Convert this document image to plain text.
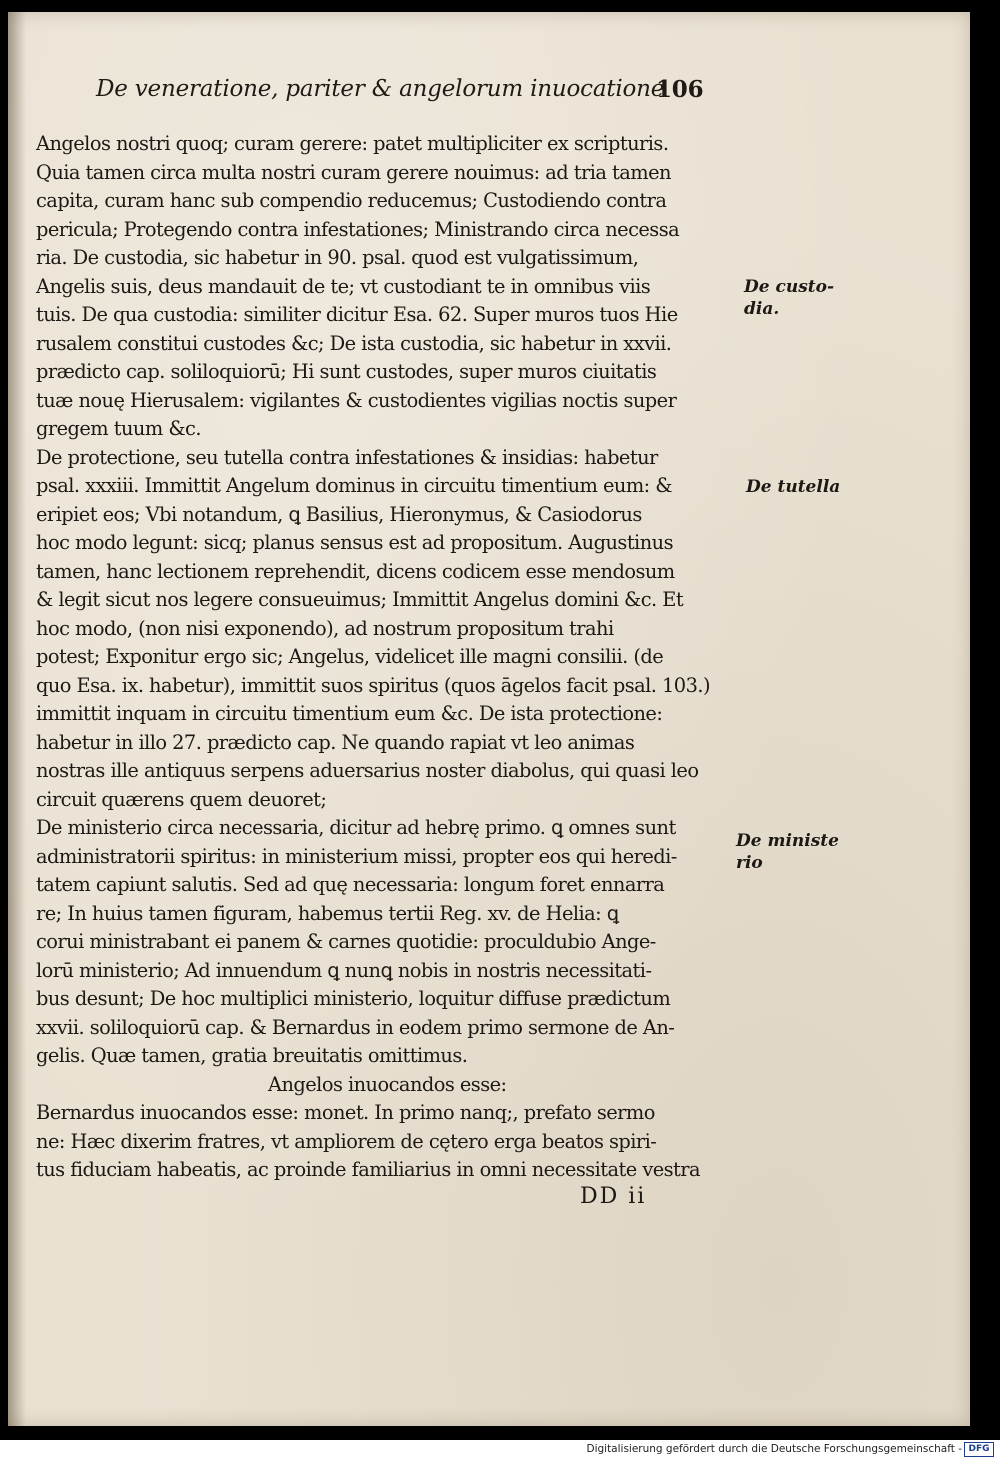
De veneratione, pariter & angelorum inuocatione
106
Angelos nostri quoq; curam gerere: patet multipliciter ex scripturis.
Quia tamen circa multa nostri curam gerere nouimus: ad tria tamen
capita, curam hanc sub compendio reducemus; Custodiendo contra
pericula; Protegendo contra infestationes; Ministrando circa necessa
ria. De custodia, sic habetur in 90. psal. quod est vulgatissimum,
Angelis suis, deus mandauit de te; vt custodiant te in omnibus viis
tuis. De qua custodia: similiter dicitur Esa. 62. Super muros tuos Hie
rusalem constitui custodes &c; De ista custodia, sic habetur in xxvii.
prædicto cap. soliloquiorū; Hi sunt custodes, super muros ciuitatis
tuæ nouę Hierusalem: vigilantes & custodientes vigilias noctis super
gregem tuum &c.
De protectione, seu tutella contra infestationes & insidias: habetur
psal. xxxiii. Immittit Angelum dominus in circuitu timentium eum: &
eripiet eos; Vbi notandum, ꝗ Basilius, Hieronymus, & Casiodorus
hoc modo legunt: sicq; planus sensus est ad propositum. Augustinus
tamen, hanc lectionem reprehendit, dicens codicem esse mendosum
& legit sicut nos legere consueuimus; Immittit Angelus domini &c. Et
hoc modo, (non nisi exponendo), ad nostrum propositum trahi
potest; Exponitur ergo sic; Angelus, videlicet ille magni consilii. (de
quo Esa. ix. habetur), immittit suos spiritus (quos āgelos facit psal. 103.)
immittit inquam in circuitu timentium eum &c. De ista protectione:
habetur in illo 27. prædicto cap. Ne quando rapiat vt leo animas
nostras ille antiquus serpens aduersarius noster diabolus, qui quasi leo
circuit quærens quem deuoret;
De ministerio circa necessaria, dicitur ad hebrę primo. ꝗ omnes sunt
administratorii spiritus: in ministerium missi, propter eos qui heredi-
tatem capiunt salutis. Sed ad quę necessaria: longum foret ennarra
re; In huius tamen figuram, habemus tertii Reg. xv. de Helia: ꝗ
corui ministrabant ei panem & carnes quotidie: proculdubio Ange-
lorū ministerio; Ad innuendum ꝗ nunꝗ nobis in nostris necessitati-
bus desunt; De hoc multiplici ministerio, loquitur diffuse prædictum
xxvii. soliloquiorū cap. & Bernardus in eodem primo sermone de An-
gelis. Quæ tamen, gratia breuitatis omittimus.
Angelos inuocandos esse:
Bernardus inuocandos esse: monet. In primo nanq;, prefato sermo
ne: Hæc dixerim fratres, vt ampliorem de cętero erga beatos spiri-
tus fiduciam habeatis, ac proinde familiarius in omni necessitate vestra
De custo-
dia.
De tutella
De ministe
rio
DD ii
Digitalisierung gefördert durch die Deutsche Forschungsgemeinschaft - DFG
